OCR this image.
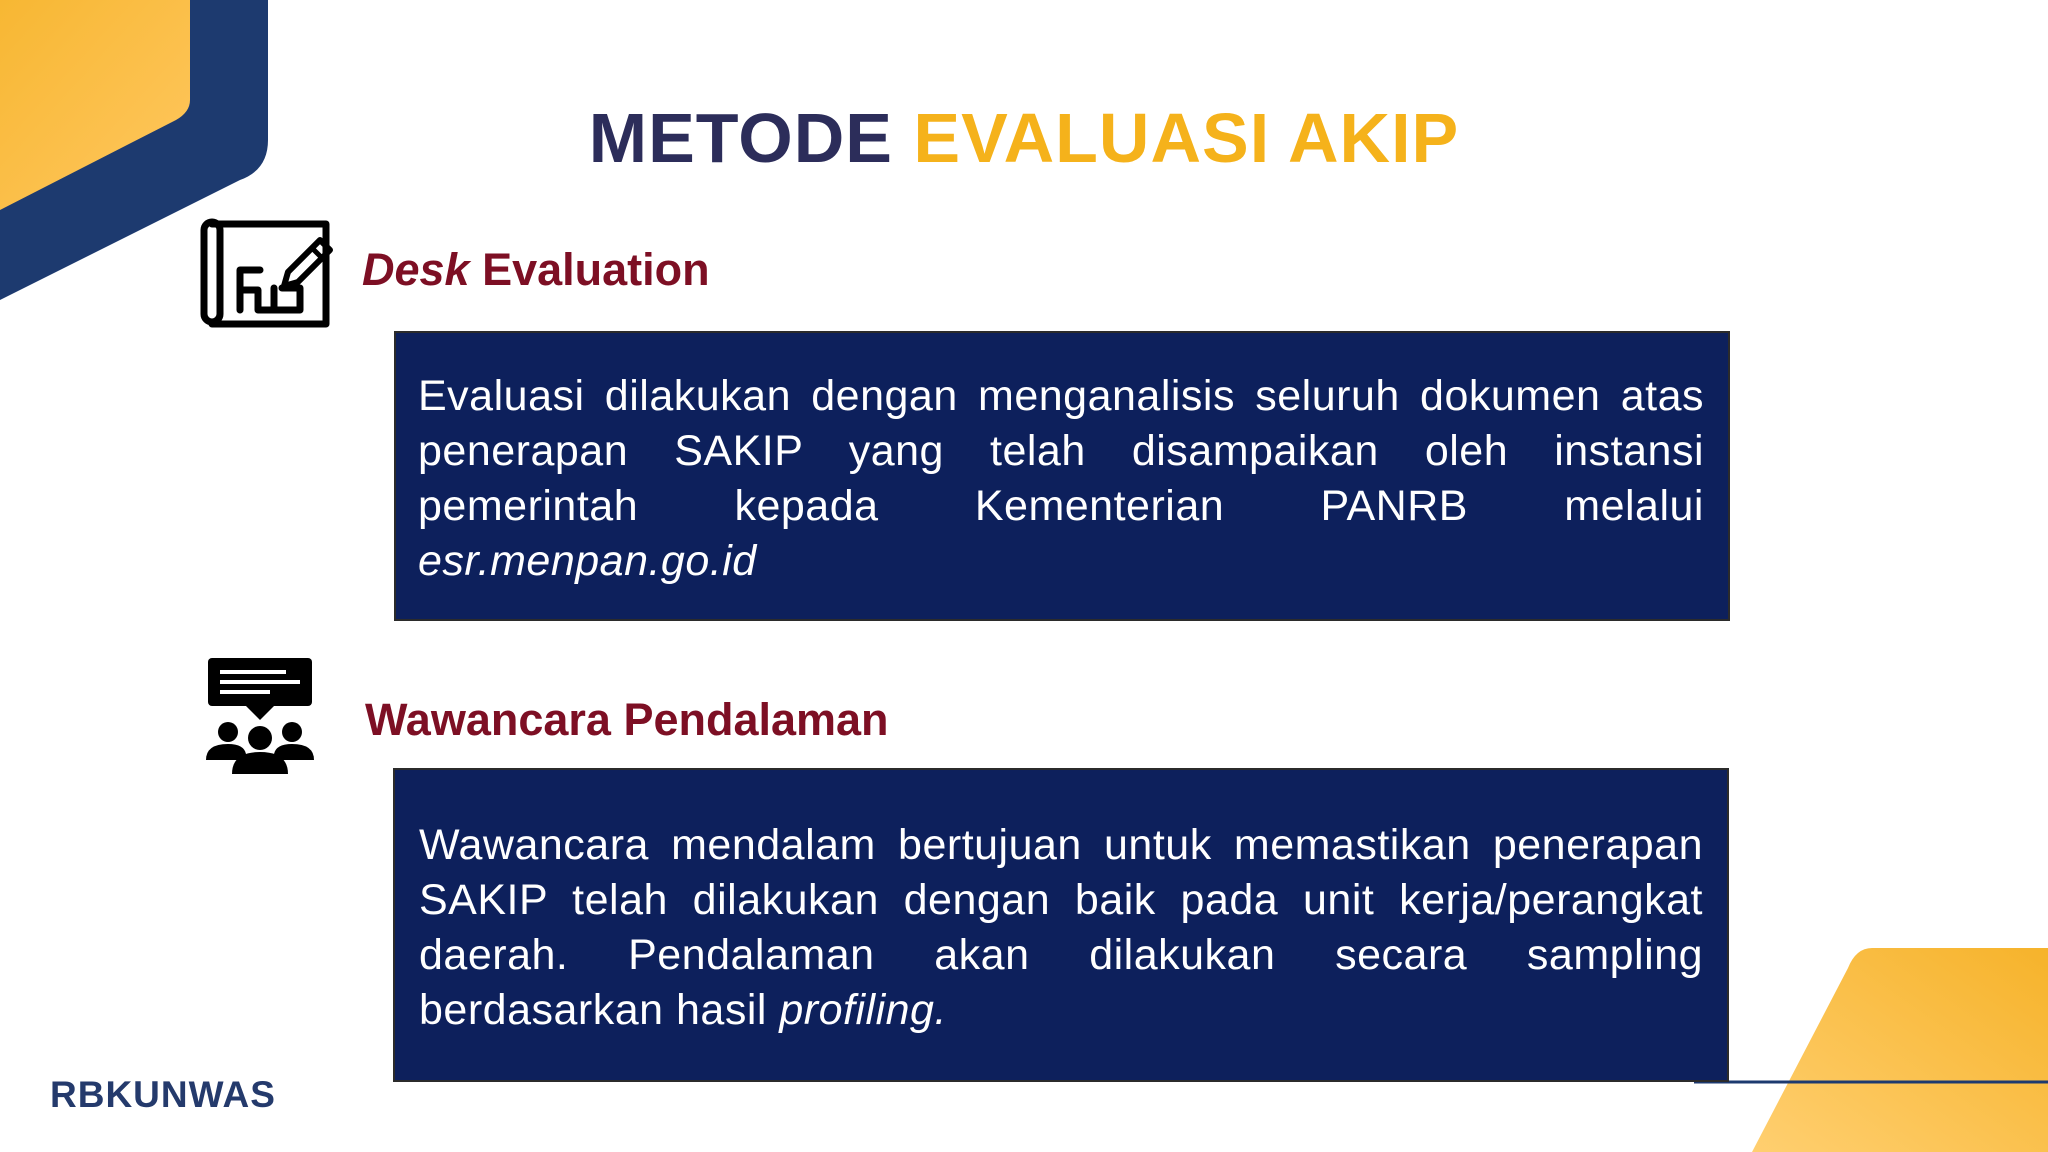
METODE EVALUASI AKIP
Desk Evaluation

Evaluasi dilakukan dengan menganalisis seluruh dokumen atas penerapan SAKIP yang telah disampaikan oleh instansi pemerintah kepada Kementerian PANRB melalui esr.menpan.go.id

Wawancara Pendalaman

Wawancara mendalam bertujuan untuk memastikan penerapan SAKIP telah dilakukan dengan baik pada unit kerja/perangkat daerah. Pendalaman akan dilakukan secara sampling berdasarkan hasil profiling.

RBKUNWAS
